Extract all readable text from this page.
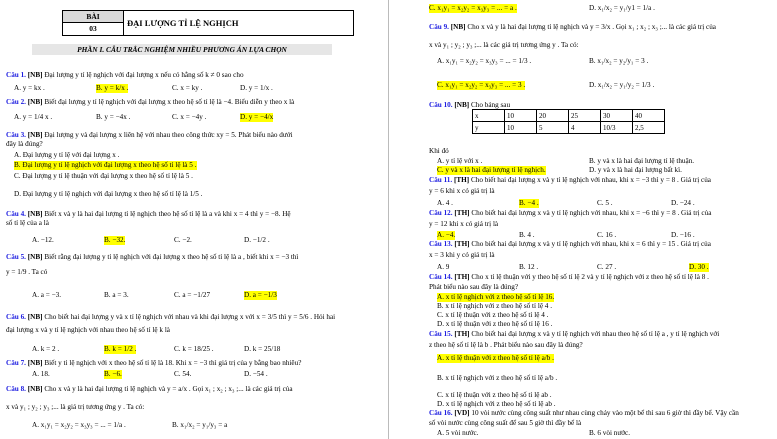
BÀI
03
ĐẠI LƯỢNG TỈ LỆ NGHỊCH
PHẦN I. CÂU TRẮC NGHIỆM NHIỀU PHƯƠNG ÁN LỰA CHỌN
Câu 1. [NB] Đại lượng y tỉ lệ nghịch với đại lượng x nếu có hằng số k ≠ 0 sao cho
A. y = kx .	B. y = k/x .	C. x = ky .	D. y = 1/x .
Câu 2. [NB] Biết đại lượng y tỉ lệ nghịch với đại lượng x theo hệ số tỉ lệ là −4. Biểu diễn y theo x là
A. y = 1/4 x .	B. y = −4x .	C. x = −4y .	D. y = −4/x
Câu 3. [NB] Đại lượng y và đại lượng x liên hệ với nhau theo công thức xy = 5. Phát biểu nào dưới
đây là đúng?
A. Đại lượng y tỉ lệ với đại lượng x .
B. Đại lượng y tỉ lệ nghịch với đại lượng x theo hệ số tỉ lệ là 5 .
C. Đại lượng y tỉ lệ thuận với đại lượng x theo hệ số tỉ lệ là 5 .
D. Đại lượng y tỉ lệ nghịch với đại lượng x theo hệ số tỉ lệ là 1/5 .
Câu 4. [NB] Biết x và y là hai đại lượng tỉ lệ nghịch theo hệ số tỉ lệ là a và khi x = 4 thì y = −8. Hệ
số tỉ lệ của a là
A. −12.	B. −32.	C. −2.	D. −1/2 .
Câu 5. [NB] Biết rằng đại lượng y tỉ lệ nghịch với đại lượng x theo hệ số tỉ lệ là a , biết khi x = −3 thì
y = 1/9 . Ta có
A. a = −3.	B. a = 3.	C. a = −1/27	D. a = −1/3
Câu 6. [NB] Cho biết hai đại lượng y và x tỉ lệ nghịch với nhau và khi đại lượng x với x = 3/5 thì y = 5/6 . Hỏi hai
đại lượng x và y tỉ lệ nghịch với nhau theo hệ số tỉ lệ k là
A. k = 2 .	B. k = 1/2 .	C. k = 18/25 .	D. k = 25/18
Câu 7. [NB] Biết y tỉ lệ nghịch với x theo hệ số tỉ lệ là 18. Khi x = −3 thì giá trị của y bằng bao nhiêu?
A. 18.	B. −6.	C. 54.	D. −54 .
Câu 8. [NB] Cho x và y là hai đại lượng tỉ lệ nghịch và y = a/x . Gọi x₁ ; x₂ ; x₃ ;... là các giá trị của
x và y₁ ; y₂ ; y₃ ;... là giá trị tương ứng y . Ta có:
A. x₁y₁ = x₂y₂ = x₃y₃ = ... = 1/a .	B. x₁/x₂ = y₁/y₃ = a
C. x₁y₁ = x₂y₂ = x₃y₃ = ... = a .	D. x₁/x₂ = y₁/y1 = 1/a .
Câu 9. [NB] Cho x và y là hai đại lượng tỉ lệ nghịch và y = 3/x . Gọi x₁ ; x₂ ; x₃ ;... là các giá trị của
x và y₁ ; y₂ ; y₃ ;... là các giá trị tương ứng y . Ta có:
A. x₁y₁ = x₂y₂ = x₃y₃ = ... = 1/3 .	B. x₁/x₂ = y₂/y₁ = 3 .
C. x₁y₁ = x₂y₂ = x₃y₃ = ... = 3 .	D. x₁/x₂ = y₁/y₂ = 1/3 .
Câu 10. [NB] Cho bảng sau
x	10	20	25	30	40
y	10	5	4	10/3	2,5
Khi đó
A. y tỉ lệ với x .	B. y và x là hai đại lượng tỉ lệ thuận.
C. y và x là hai đại lượng tỉ lệ nghịch.	D. y và x là hai đại lượng bất kì.
Câu 11. [TH] Cho biết hai đại lượng x và y tỉ lệ nghịch với nhau, khi x = −3 thì y = 8 . Giá trị của
y = 6 khi x có giá trị là
A. 4 .	B. −4 .	C. 5 .	D. −24 .
Câu 12. [TH] Cho biết hai đại lượng x và y tỉ lệ nghịch với nhau, khi x = −6 thì y = 8 . Giá trị của
y = 12 khi x có giá trị là
A. −4.	B. 4 .	C. 16 .	D. −16 .
Câu 13. [TH] Cho biết hai đại lượng x và y tỉ lệ nghịch với nhau, khi x = 6 thì y = 15 . Giá trị của
x = 3 khi y có giá trị là
A. 9	B. 12 .	C. 27 .	D. 30 .
Câu 14. [TH] Cho x tỉ lệ thuận với y theo hệ số tỉ lệ 2 và y tỉ lệ nghịch với z theo hệ số tỉ lệ là 8 .
Phát biểu nào sau đây là đúng?
A. x tỉ lệ nghịch với z theo hệ số tỉ lệ 16.
B. x tỉ lệ nghịch với z theo hệ số tỉ lệ 4 .
C. x tỉ lệ thuận với z theo hệ số tỉ lệ 4 .
D. x tỉ lệ thuận với z theo hệ số tỉ lệ 16 .
Câu 15. [TH] Cho biết hai đại lượng x và y tỉ lệ nghịch với nhau theo hệ số tỉ lệ a , y tỉ lệ nghịch với
z theo hệ số tỉ lệ là b . Phát biểu nào sau đây là đúng?
A. x tỉ lệ thuận với z theo hệ số tỉ lệ a/b .
B. x tỉ lệ nghịch với z theo hệ số tỉ lệ a/b .
C. x tỉ lệ thuận với z theo hệ số tỉ lệ ab .
D. x tỉ lệ nghịch với z theo hệ số tỉ lệ ab .
Câu 16. [VD] 10 vòi nước cùng công suất như nhau cùng chảy vào một bể thì sau 6 giờ thì đầy bể. Vậy cần
số vòi nước cùng công suất để sau 5 giờ thì đầy bể là
A. 5 vòi nước.	B. 6 vòi nước.
